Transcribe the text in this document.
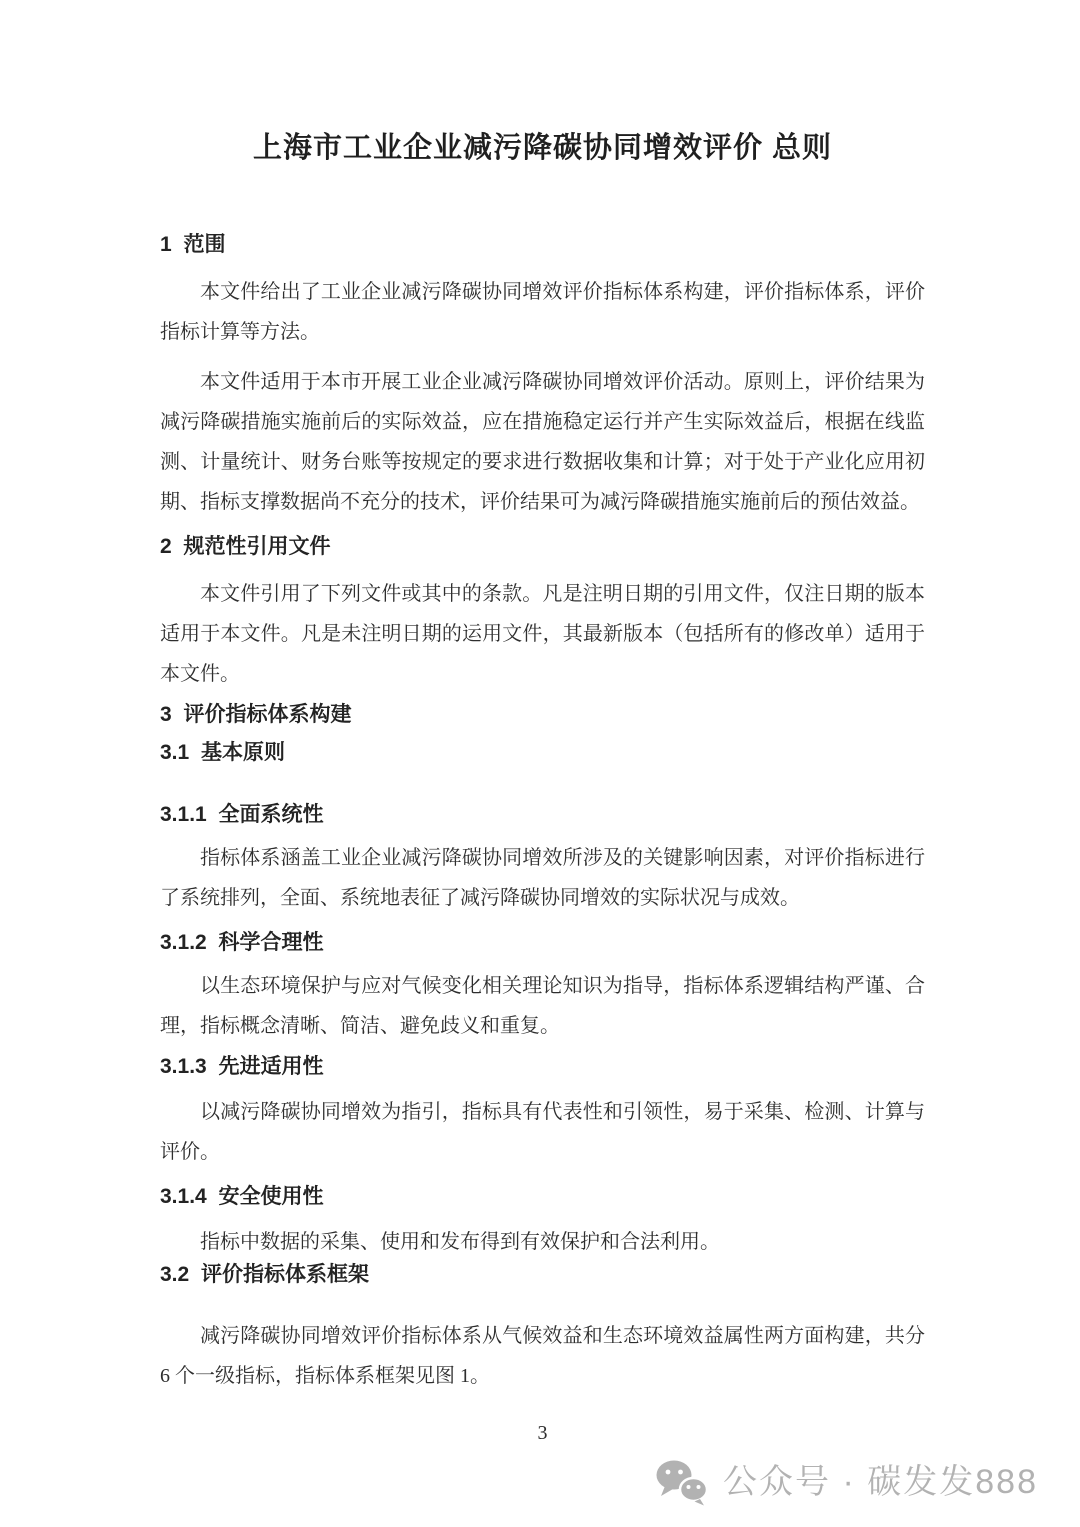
上海市工业企业减污降碳协同增效评价 总则
1 范围

本文件给出了工业企业减污降碳协同增效评价指标体系构建，评价指标体系，评价指标计算等方法。

本文件适用于本市开展工业企业减污降碳协同增效评价活动。原则上，评价结果为减污降碳措施实施前后的实际效益，应在措施稳定运行并产生实际效益后，根据在线监测、计量统计、财务台账等按规定的要求进行数据收集和计算；对于处于产业化应用初期、指标支撑数据尚不充分的技术，评价结果可为减污降碳措施实施前后的预估效益。

2 规范性引用文件

本文件引用了下列文件或其中的条款。凡是注明日期的引用文件，仅注日期的版本适用于本文件。凡是未注明日期的运用文件，其最新版本（包括所有的修改单）适用于本文件。

3 评价指标体系构建
3.1 基本原则
3.1.1 全面系统性

指标体系涵盖工业企业减污降碳协同增效所涉及的关键影响因素，对评价指标进行了系统排列，全面、系统地表征了减污降碳协同增效的实际状况与成效。

3.1.2 科学合理性

以生态环境保护与应对气候变化相关理论知识为指导，指标体系逻辑结构严谨、合理，指标概念清晰、简洁、避免歧义和重复。

3.1.3 先进适用性

以减污降碳协同增效为指引，指标具有代表性和引领性，易于采集、检测、计算与评价。

3.1.4 安全使用性

指标中数据的采集、使用和发布得到有效保护和合法利用。

3.2 评价指标体系框架

减污降碳协同增效评价指标体系从气候效益和生态环境效益属性两方面构建，共分 6 个一级指标，指标体系框架见图 1。

3

公众号 · 碳发发888
